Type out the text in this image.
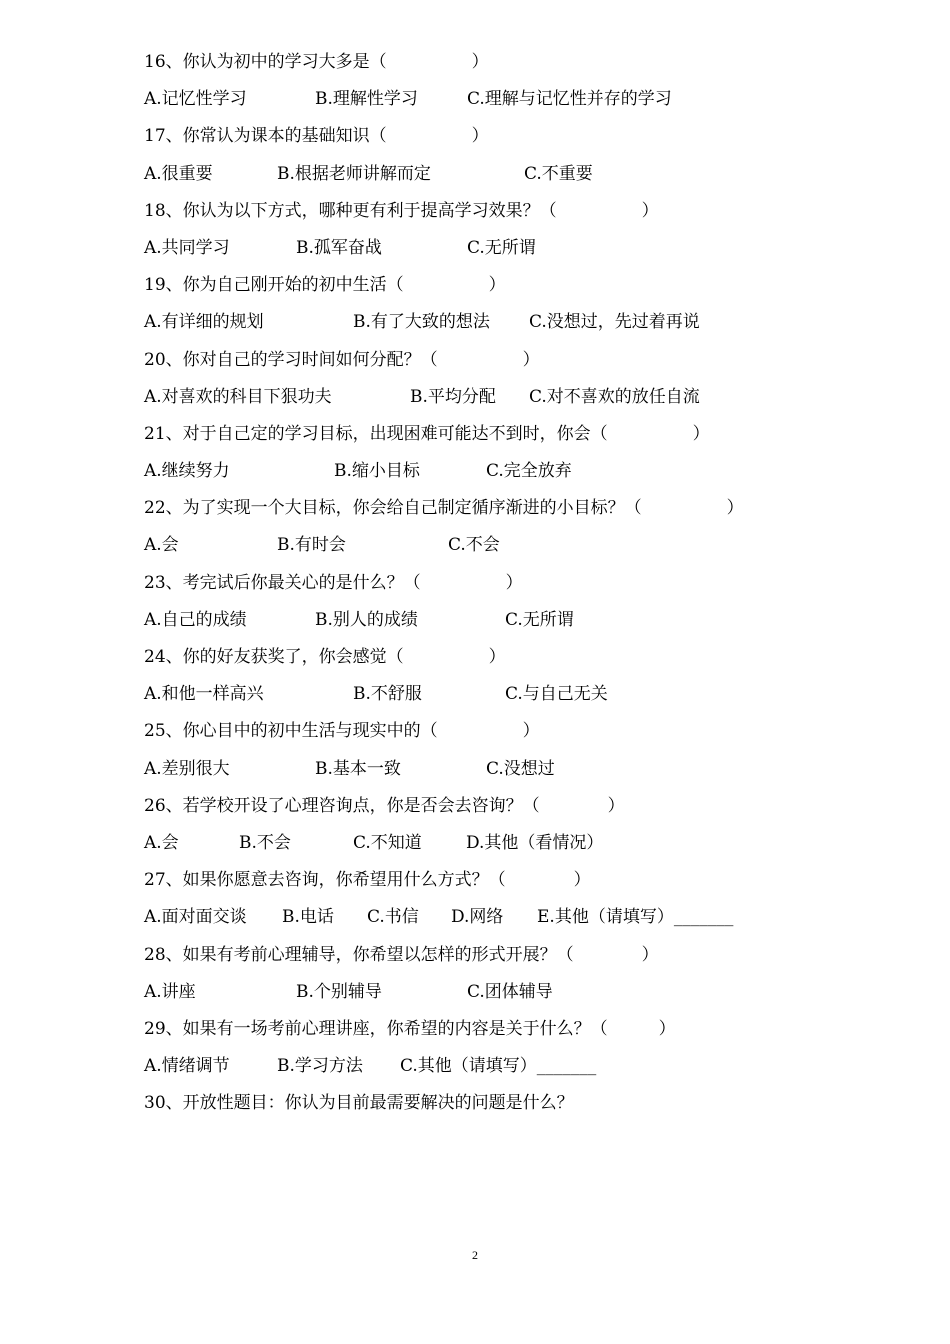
16、你认为初中的学习大多是（　　　　　）
A.记忆性学习	B.理解性学习	C.理解与记忆性并存的学习
17、你常认为课本的基础知识（　　　　　）
A.很重要	B.根据老师讲解而定	C.不重要
18、你认为以下方式，哪种更有利于提高学习效果？（　　　　　）
A.共同学习	B.孤军奋战	C.无所谓
19、你为自己刚开始的初中生活（　　　　　）
A.有详细的规划	B.有了大致的想法 C.没想过，先过着再说
20、你对自己的学习时间如何分配？（　　　　　）
A.对喜欢的科目下狠功夫	B.平均分配 C.对不喜欢的放任自流
21、对于自己定的学习目标，出现困难可能达不到时，你会（　　　　　）
A.继续努力	B.缩小目标	C.完全放弃
22、为了实现一个大目标，你会给自己制定循序渐进的小目标？（　　　　　）
A.会	B.有时会	C.不会
23、考完试后你最关心的是什么？（　　　　　）
A.自己的成绩	B.别人的成绩	C.无所谓
24、你的好友获奖了，你会感觉（　　　　　）
A.和他一样高兴	B.不舒服	C.与自己无关
25、你心目中的初中生活与现实中的（　　　　　）
A.差别很大	B.基本一致	C.没想过
26、若学校开设了心理咨询点，你是否会去咨询？（　　　　）
A.会	B.不会	C.不知道	D.其他（看情况）
27、如果你愿意去咨询，你希望用什么方式？（　　　　）
A.面对面交谈 B.电话 C.书信 D.网络 E.其他（请填写）_______
28、如果有考前心理辅导，你希望以怎样的形式开展？（　　　　）
A.讲座	B.个别辅导	C.团体辅导
29、如果有一场考前心理讲座，你希望的内容是关于什么？（　　　）
A.情绪调节	B.学习方法 C.其他（请填写）_______
30、开放性题目：你认为目前最需要解决的问题是什么？
2
